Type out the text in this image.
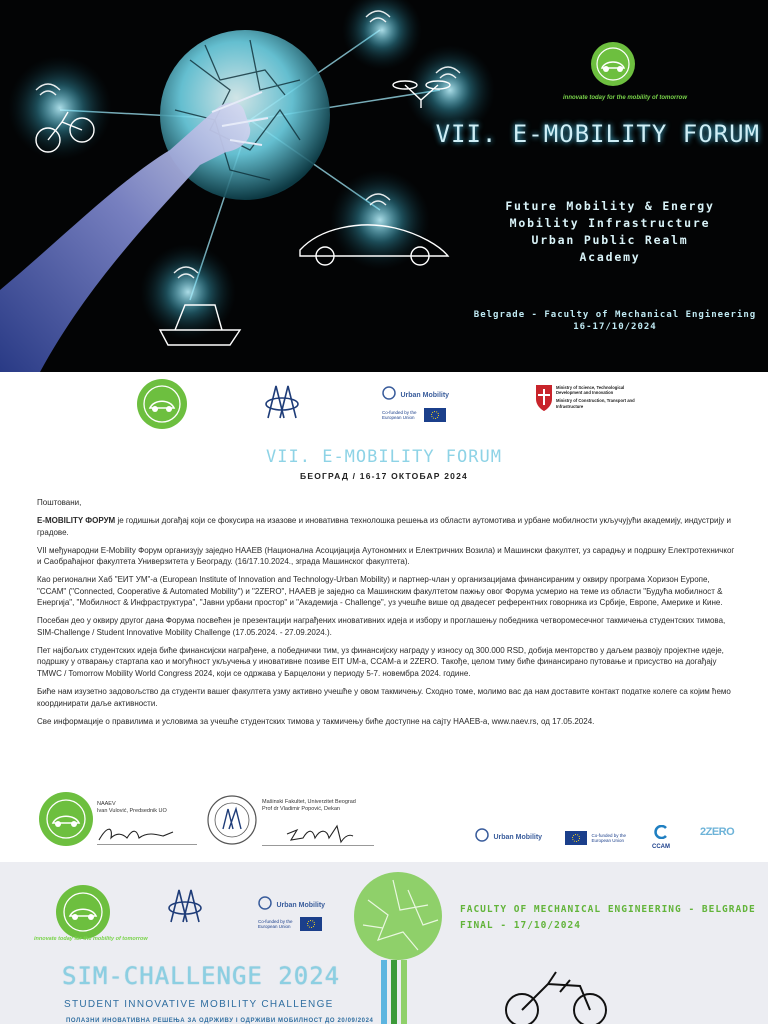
innovate today for the mobility of tomorrow
VII. E-MOBILITY FORUM
Future Mobility & Energy
Mobility Infrastructure
Urban Public Realm
Academy
Belgrade - Faculty of Mechanical Engineering
16-17/10/2024
Urban Mobility
Co-funded by the European Union
Ministry of Science, Technological Development and Innovation
Ministry of Construction, Transport and Infrastructure
VII. E-MOBILITY FORUM
БЕОГРАД / 16-17 ОКТОБАР 2024

Поштовани,

E-MOBILITY ФОРУМ је годишњи догађај који се фокусира на изазове и иновативна технолошка решења из области аутомотива и урбане мобилности укључујући академију, индустрију и градове.

VII међународни E-Mobility Форум организују заједно НААЕВ (Национална Асоцијација Аутономних и Електричних Возила) и Машински факултет, уз сарадњу и подршку Електротехничког и Саобраћајног факултета Универзитета у Београду. (16/17.10.2024., зграда Машинског факултета).

Као регионални Хаб "ЕИТ УМ"-а (European Institute of Innovation and Technology-Urban Mobility) и партнер-члан у организацијама финансираним у оквиру програма Хоризон Еуропе, "CCAM" ("Connected, Cooperative & Automated Mobility") и "2ZERO", НААЕВ је заједно са Машинским факултетом пажњу овог Форума усмерио на теме из области "Будућа мобилност & Енергија", "Мобилност & Инфраструктура", "Јавни урбани простор" и "Академија - Challenge", уз учешће више од двадесет референтних говорника из Србије, Европе, Америке и Кине.

Посебан део у оквиру другог дана Форума посвећен је презентацији награђених иновативних идеја и избору и проглашењу победника четворомесечног такмичења студентских тимова, SIM-Challenge / Student Innovative Mobility Challenge (17.05.2024. - 27.09.2024.).

Пет најбољих студентских идеја биће финансијски награђене, а победнички тим, уз финансијску награду у износу од 300.000 RSD, добија менторство у даљем развоју пројектне идеје, подршку у отварању стартапа као и могућност укључења у иновативне позиве EIT UM-a, CCAM-a и 2ZERO. Такође, целом тиму биће финансирано путовање и присуство на догађају TMWC / Tomorrow Mobility World Congress 2024, који се одржава у Барцелони у периоду 5-7. новембра 2024. године.

Биће нам изузетно задовољство да студенти вашег факултета узму активно учешће у овом такмичењу. Сходно томе, молимо вас да нам доставите контакт податке колеге са којим ћемо координирати даље активности.

Све информације о правилима и условима за учешће студентских тимова у такмичењу биће доступне на сајту НААЕВ-а, www.naev.rs, од 17.05.2024.

NAAEV
Ivan Vulović, Predsednik UO
Mašinski Fakultet, Univerzitet Beograd
Prof dr Vladimir Popović, Dekan
Urban Mobility	Co-funded by the European Union
CCAM
2ZERO
innovate today for the mobility of tomorrow
Urban Mobility
Co-funded by the European Union
FACULTY OF MECHANICAL ENGINEERING - BELGRADE
FINAL - 17/10/2024
SIM-CHALLENGE 2024
STUDENT INNOVATIVE MOBILITY CHALLENGE
ПОЛАЗНИ ИНОВАТИВНА РЕШЕЊА ЗА ОДРЖИВУ І ОДРЖИВИ МОБИЛНОСТ ДО 20/09/2024
